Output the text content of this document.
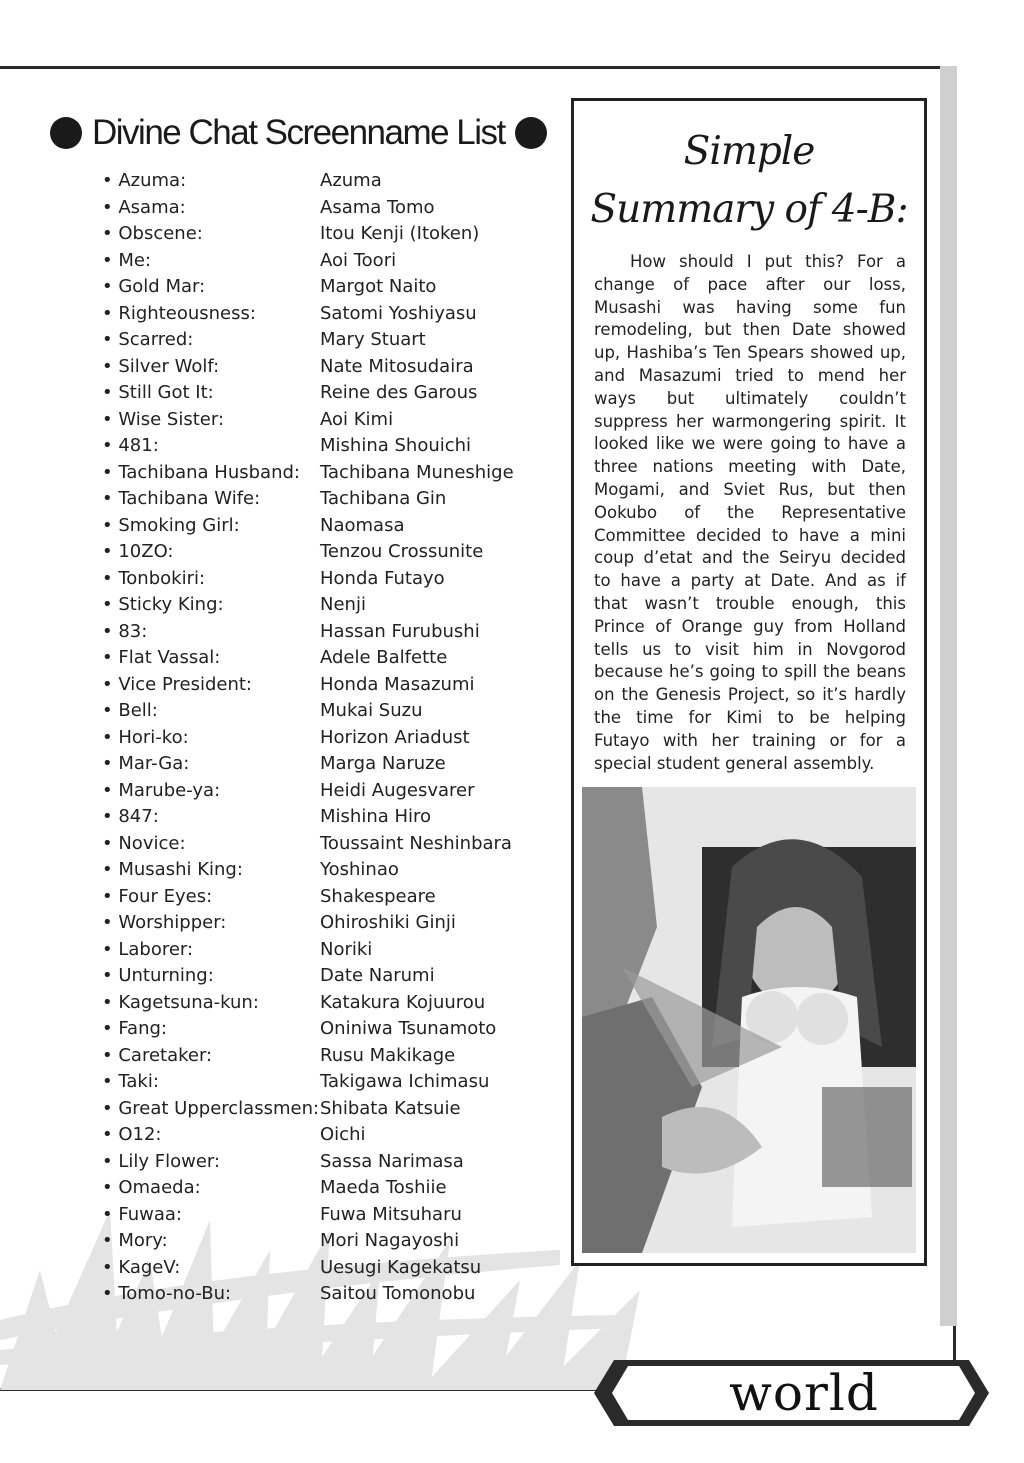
Divine Chat Screenname List
• Azuma:	Azuma
• Asama:	Asama Tomo
• Obscene:	Itou Kenji (Itoken)
• Me:	Aoi Toori
• Gold Mar:	Margot Naito
• Righteousness:	Satomi Yoshiyasu
• Scarred:	Mary Stuart
• Silver Wolf:	Nate Mitosudaira
• Still Got It:	Reine des Garous
• Wise Sister:	Aoi Kimi
• 481:	Mishina Shouichi
• Tachibana Husband:	Tachibana Muneshige
• Tachibana Wife:	Tachibana Gin
• Smoking Girl:	Naomasa
• 10ZO:	Tenzou Crossunite
• Tonbokiri:	Honda Futayo
• Sticky King:	Nenji
• 83:	Hassan Furubushi
• Flat Vassal:	Adele Balfette
• Vice President:	Honda Masazumi
• Bell:	Mukai Suzu
• Hori-ko:	Horizon Ariadust
• Mar-Ga:	Marga Naruze
• Marube-ya:	Heidi Augesvarer
• 847:	Mishina Hiro
• Novice:	Toussaint Neshinbara
• Musashi King:	Yoshinao
• Four Eyes:	Shakespeare
• Worshipper:	Ohiroshiki Ginji
• Laborer:	Noriki
• Unturning:	Date Narumi
• Kagetsuna-kun:	Katakura Kojuurou
• Fang:	Oniniwa Tsunamoto
• Caretaker:	Rusu Makikage
• Taki:	Takigawa Ichimasu
• Great Upperclassmen: Shibata Katsuie
• O12:	Oichi
• Lily Flower:	Sassa Narimasa
• Omaeda:	Maeda Toshiie
• Fuwaa:	Fuwa Mitsuharu
• Mory:	Mori Nagayoshi
• KageV:	Uesugi Kagekatsu
• Tomo-no-Bu:	Saitou Tomonobu
Simple
Summary of 4-B:
How should I put this? For a change of pace after our loss, Musashi was having some fun remodeling, but then Date showed up, Hashiba’s Ten Spears showed up, and Masazumi tried to mend her ways but ultimately couldn’t suppress her warmongering spirit. It looked like we were going to have a three nations meeting with Date, Mogami, and Sviet Rus, but then Ookubo of the Representative Committee decided to have a mini coup d’etat and the Seiryu decided to have a party at Date. And as if that wasn’t trouble enough, this Prince of Orange guy from Holland tells us to visit him in Novgorod because he’s going to spill the beans on the Genesis Project, so it’s hardly the time for Kimi to be helping Futayo with her training or for a special student general assembly.
world
